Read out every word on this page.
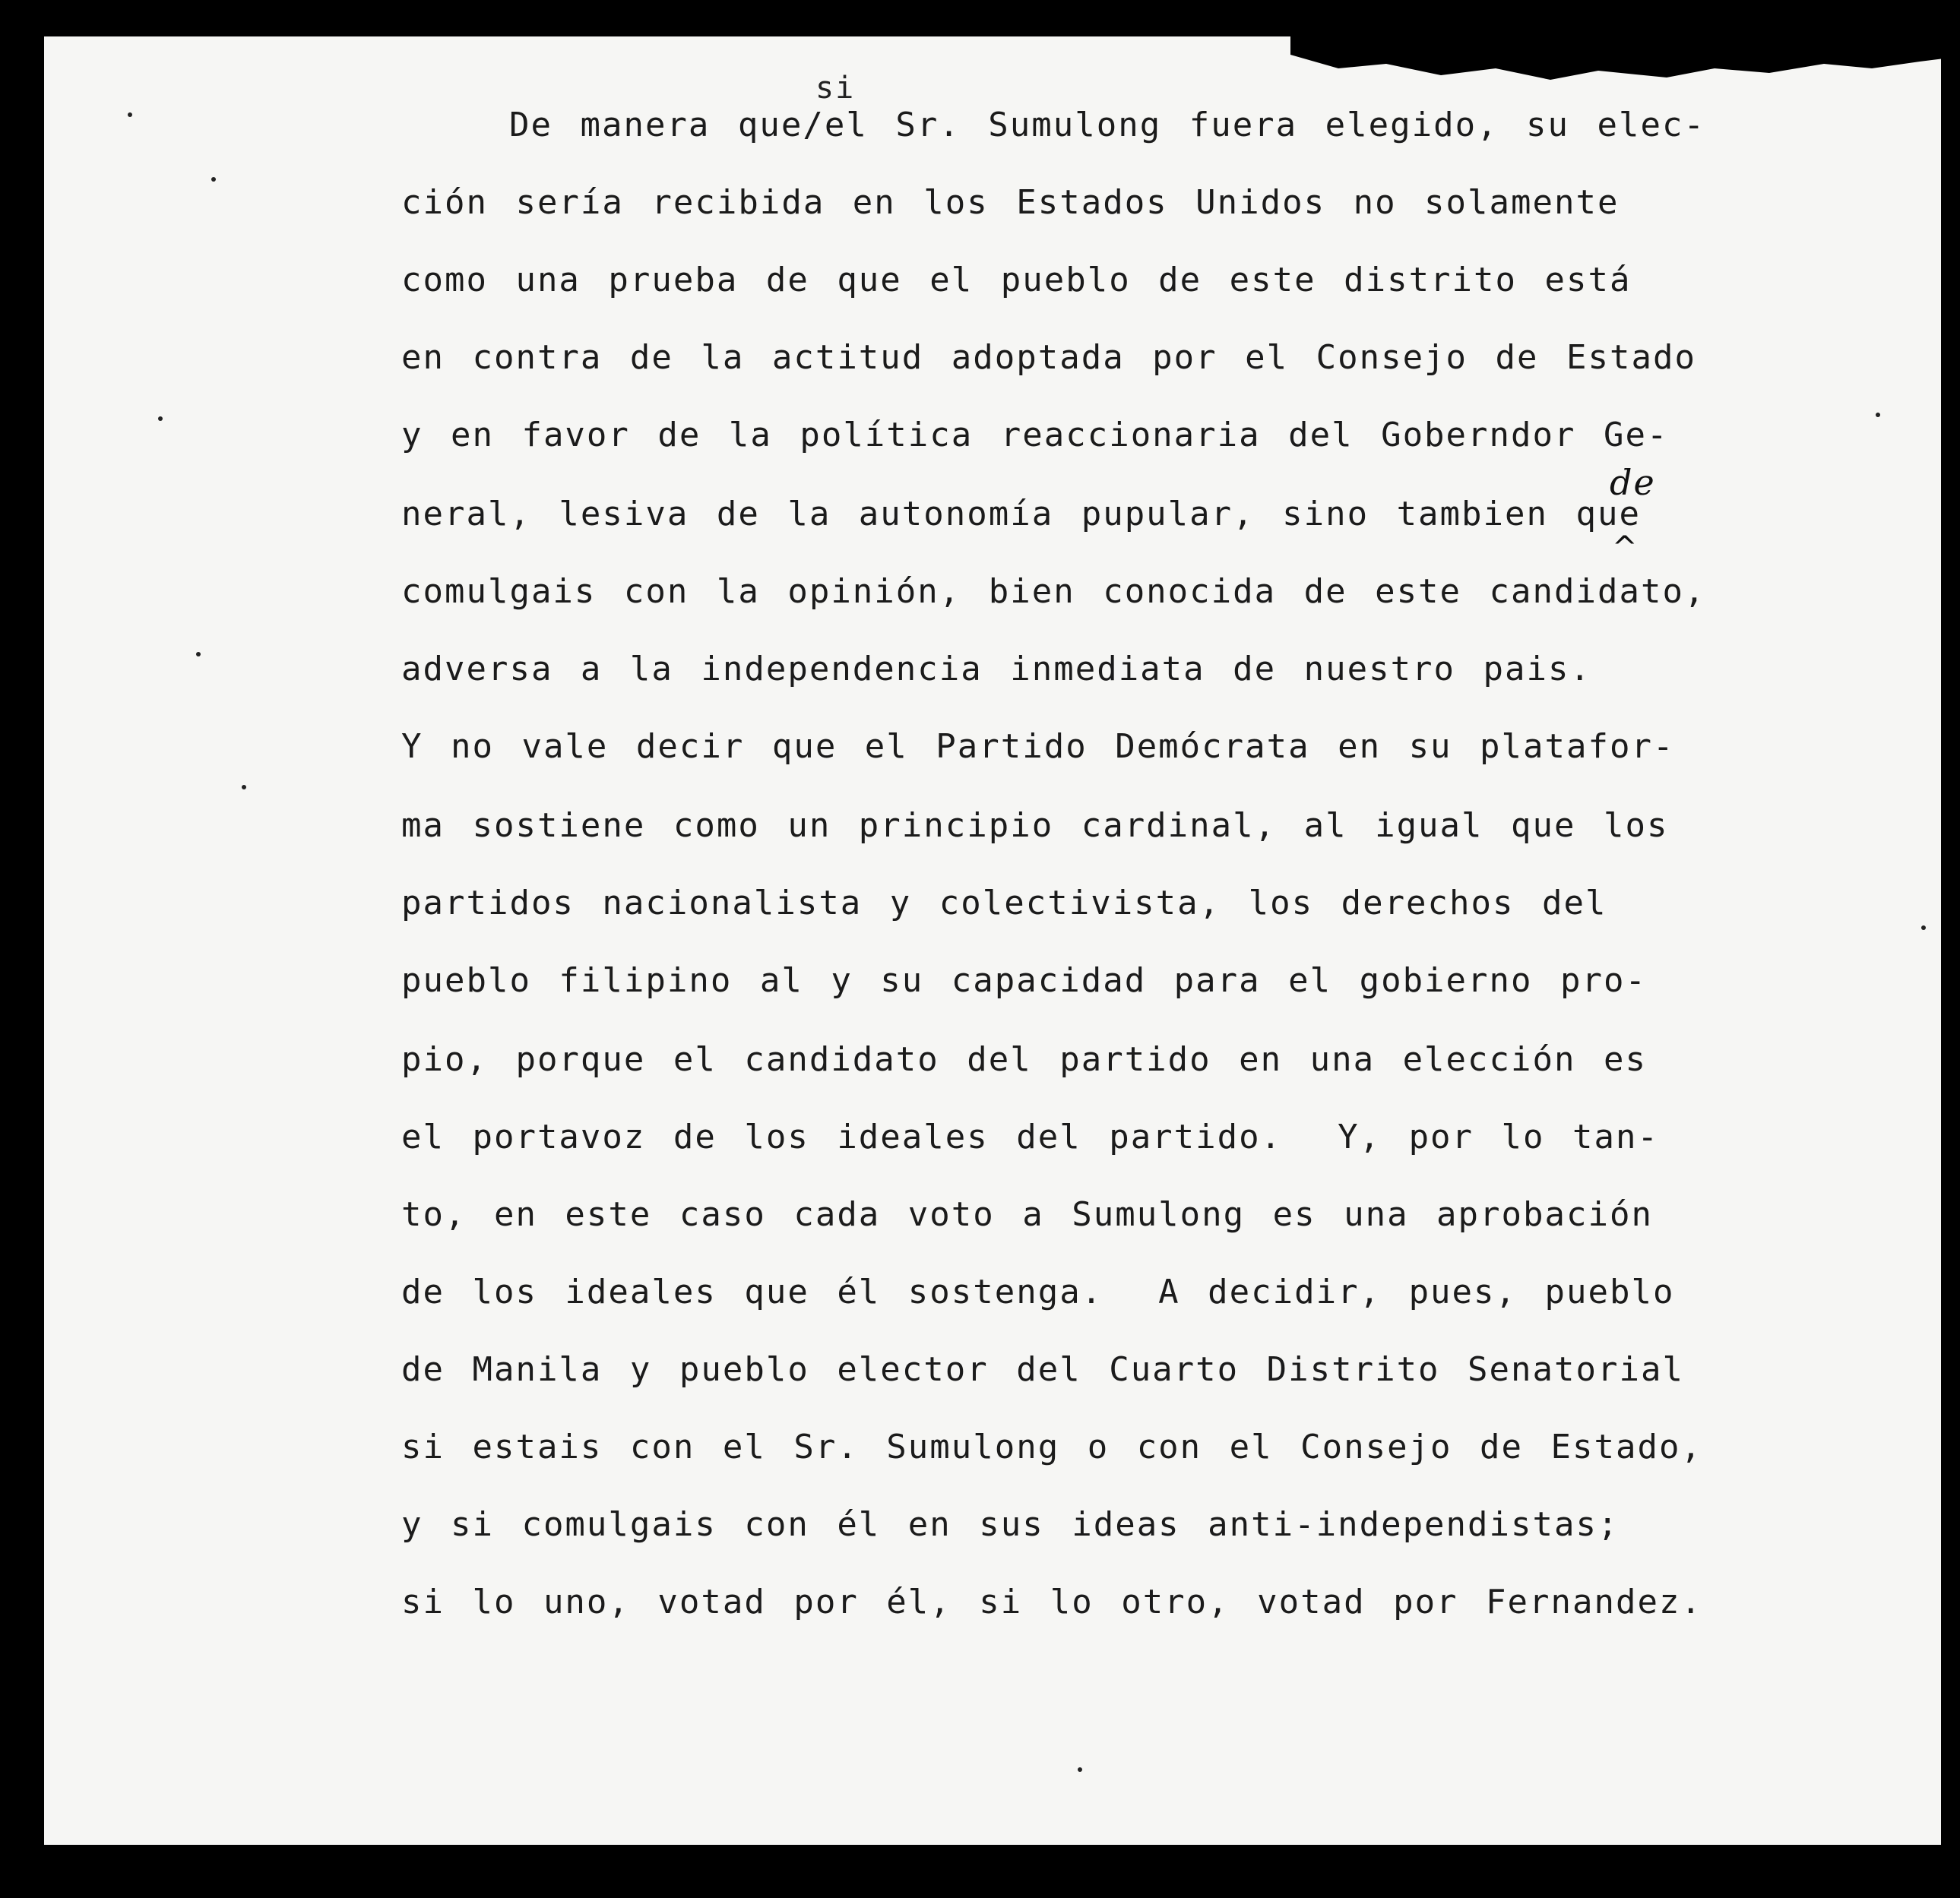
si
de
^
De manera que/el Sr. Sumulong fuera elegido, su elec-
ción sería recibida en los Estados Unidos no solamente
como una prueba de que el pueblo de este distrito está
en contra de la actitud adoptada por el Consejo de Estado
y en favor de la política reaccionaria del Goberndor Ge-
neral, lesiva de la autonomía pupular, sino tambien que
comulgais con la opinión, bien conocida de este candidato,
adversa a la independencia inmediata de nuestro pais.
Y no vale decir que el Partido Demócrata en su platafor-
ma sostiene como un principio cardinal, al igual que los
partidos nacionalista y colectivista, los derechos del
pueblo filipino al y su capacidad para el gobierno pro-
pio, porque el candidato del partido en una elección es
el portavoz de los ideales del partido.  Y, por lo tan-
to, en este caso cada voto a Sumulong es una aprobación
de los ideales que él sostenga.  A decidir, pues, pueblo
de Manila y pueblo elector del Cuarto Distrito Senatorial
si estais con el Sr. Sumulong o con el Consejo de Estado,
y si comulgais con él en sus ideas anti-independistas;
si lo uno, votad por él, si lo otro, votad por Fernandez.
